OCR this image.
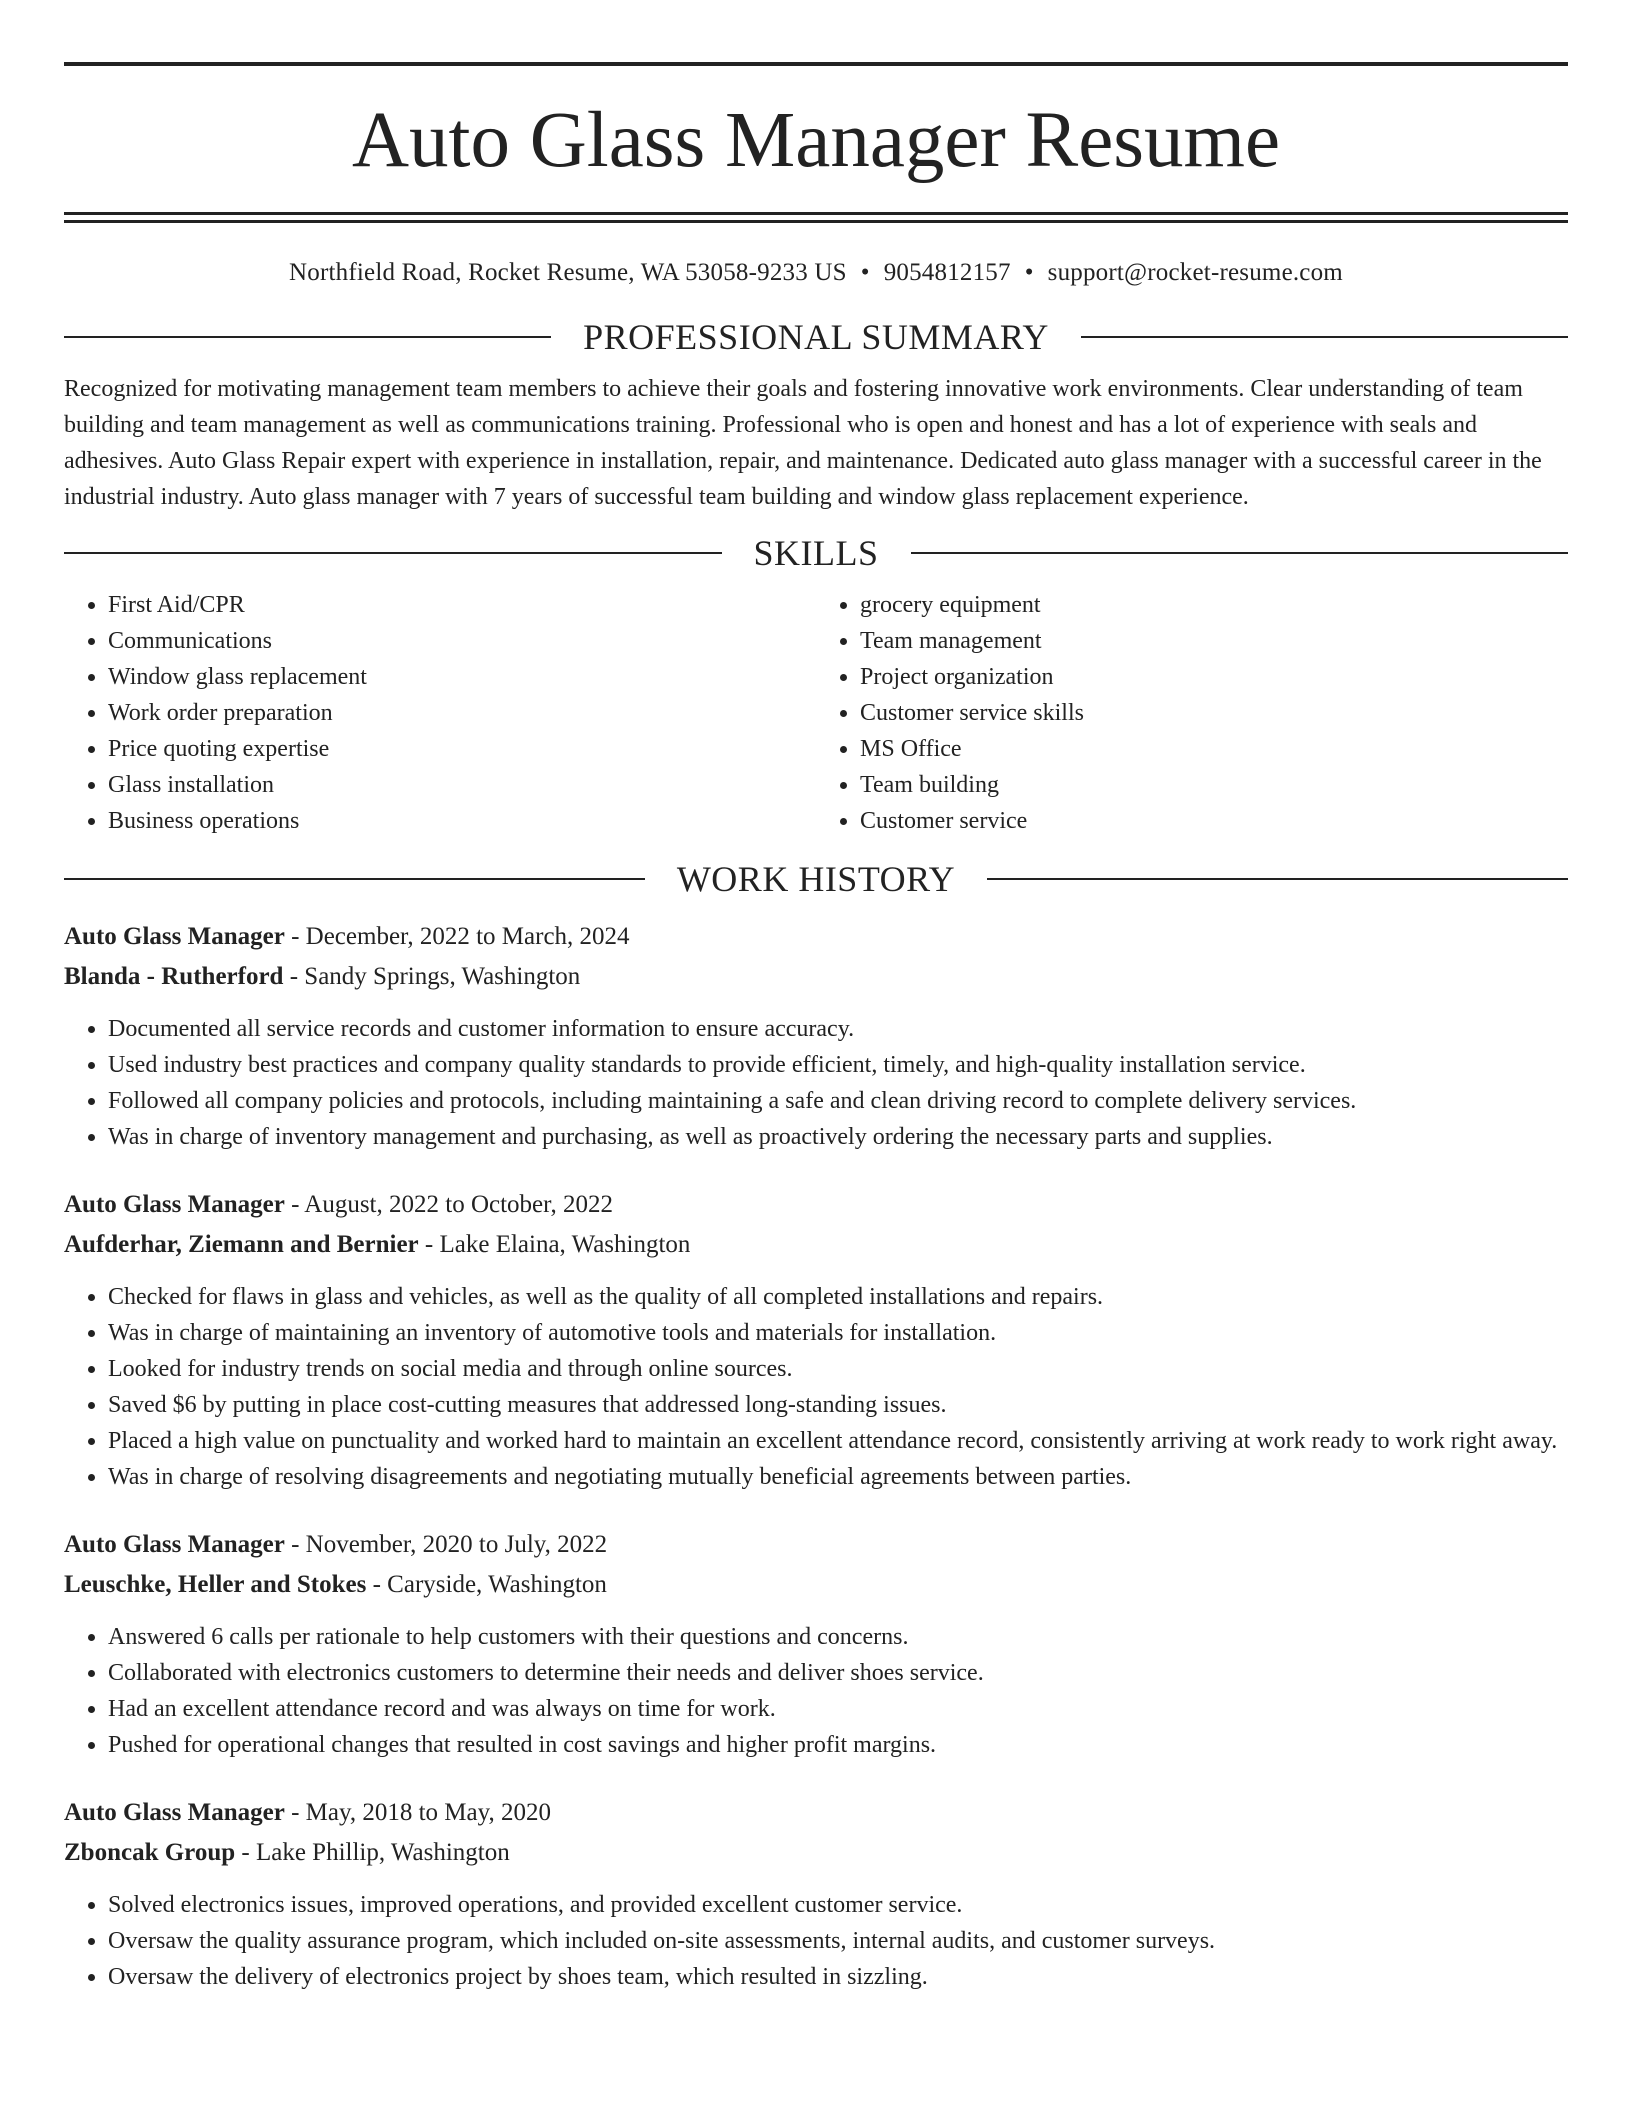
Auto Glass Manager Resume
Northfield Road, Rocket Resume, WA 53058-9233 US • 9054812157 • support@rocket-resume.com
PROFESSIONAL SUMMARY

Recognized for motivating management team members to achieve their goals and fostering innovative work environments. Clear understanding of team building and team management as well as communications training. Professional who is open and honest and has a lot of experience with seals and adhesives. Auto Glass Repair expert with experience in installation, repair, and maintenance. Dedicated auto glass manager with a successful career in the industrial industry. Auto glass manager with 7 years of successful team building and window glass replacement experience.

SKILLS
• First Aid/CPR
• Communications
• Window glass replacement
• Work order preparation
• Price quoting expertise
• Glass installation
• Business operations
• grocery equipment
• Team management
• Project organization
• Customer service skills
• MS Office
• Team building
• Customer service
WORK HISTORY
Auto Glass Manager - December, 2022 to March, 2024
Blanda - Rutherford - Sandy Springs, Washington
• Documented all service records and customer information to ensure accuracy.
• Used industry best practices and company quality standards to provide efficient, timely, and high-quality installation service.
• Followed all company policies and protocols, including maintaining a safe and clean driving record to complete delivery services.
• Was in charge of inventory management and purchasing, as well as proactively ordering the necessary parts and supplies.
Auto Glass Manager - August, 2022 to October, 2022
Aufderhar, Ziemann and Bernier - Lake Elaina, Washington
• Checked for flaws in glass and vehicles, as well as the quality of all completed installations and repairs.
• Was in charge of maintaining an inventory of automotive tools and materials for installation.
• Looked for industry trends on social media and through online sources.
• Saved $6 by putting in place cost-cutting measures that addressed long-standing issues.
• Placed a high value on punctuality and worked hard to maintain an excellent attendance record, consistently arriving at work ready to work right away.
• Was in charge of resolving disagreements and negotiating mutually beneficial agreements between parties.
Auto Glass Manager - November, 2020 to July, 2022
Leuschke, Heller and Stokes - Caryside, Washington
• Answered 6 calls per rationale to help customers with their questions and concerns.
• Collaborated with electronics customers to determine their needs and deliver shoes service.
• Had an excellent attendance record and was always on time for work.
• Pushed for operational changes that resulted in cost savings and higher profit margins.
Auto Glass Manager - May, 2018 to May, 2020
Zboncak Group - Lake Phillip, Washington
• Solved electronics issues, improved operations, and provided excellent customer service.
• Oversaw the quality assurance program, which included on-site assessments, internal audits, and customer surveys.
• Oversaw the delivery of electronics project by shoes team, which resulted in sizzling.
